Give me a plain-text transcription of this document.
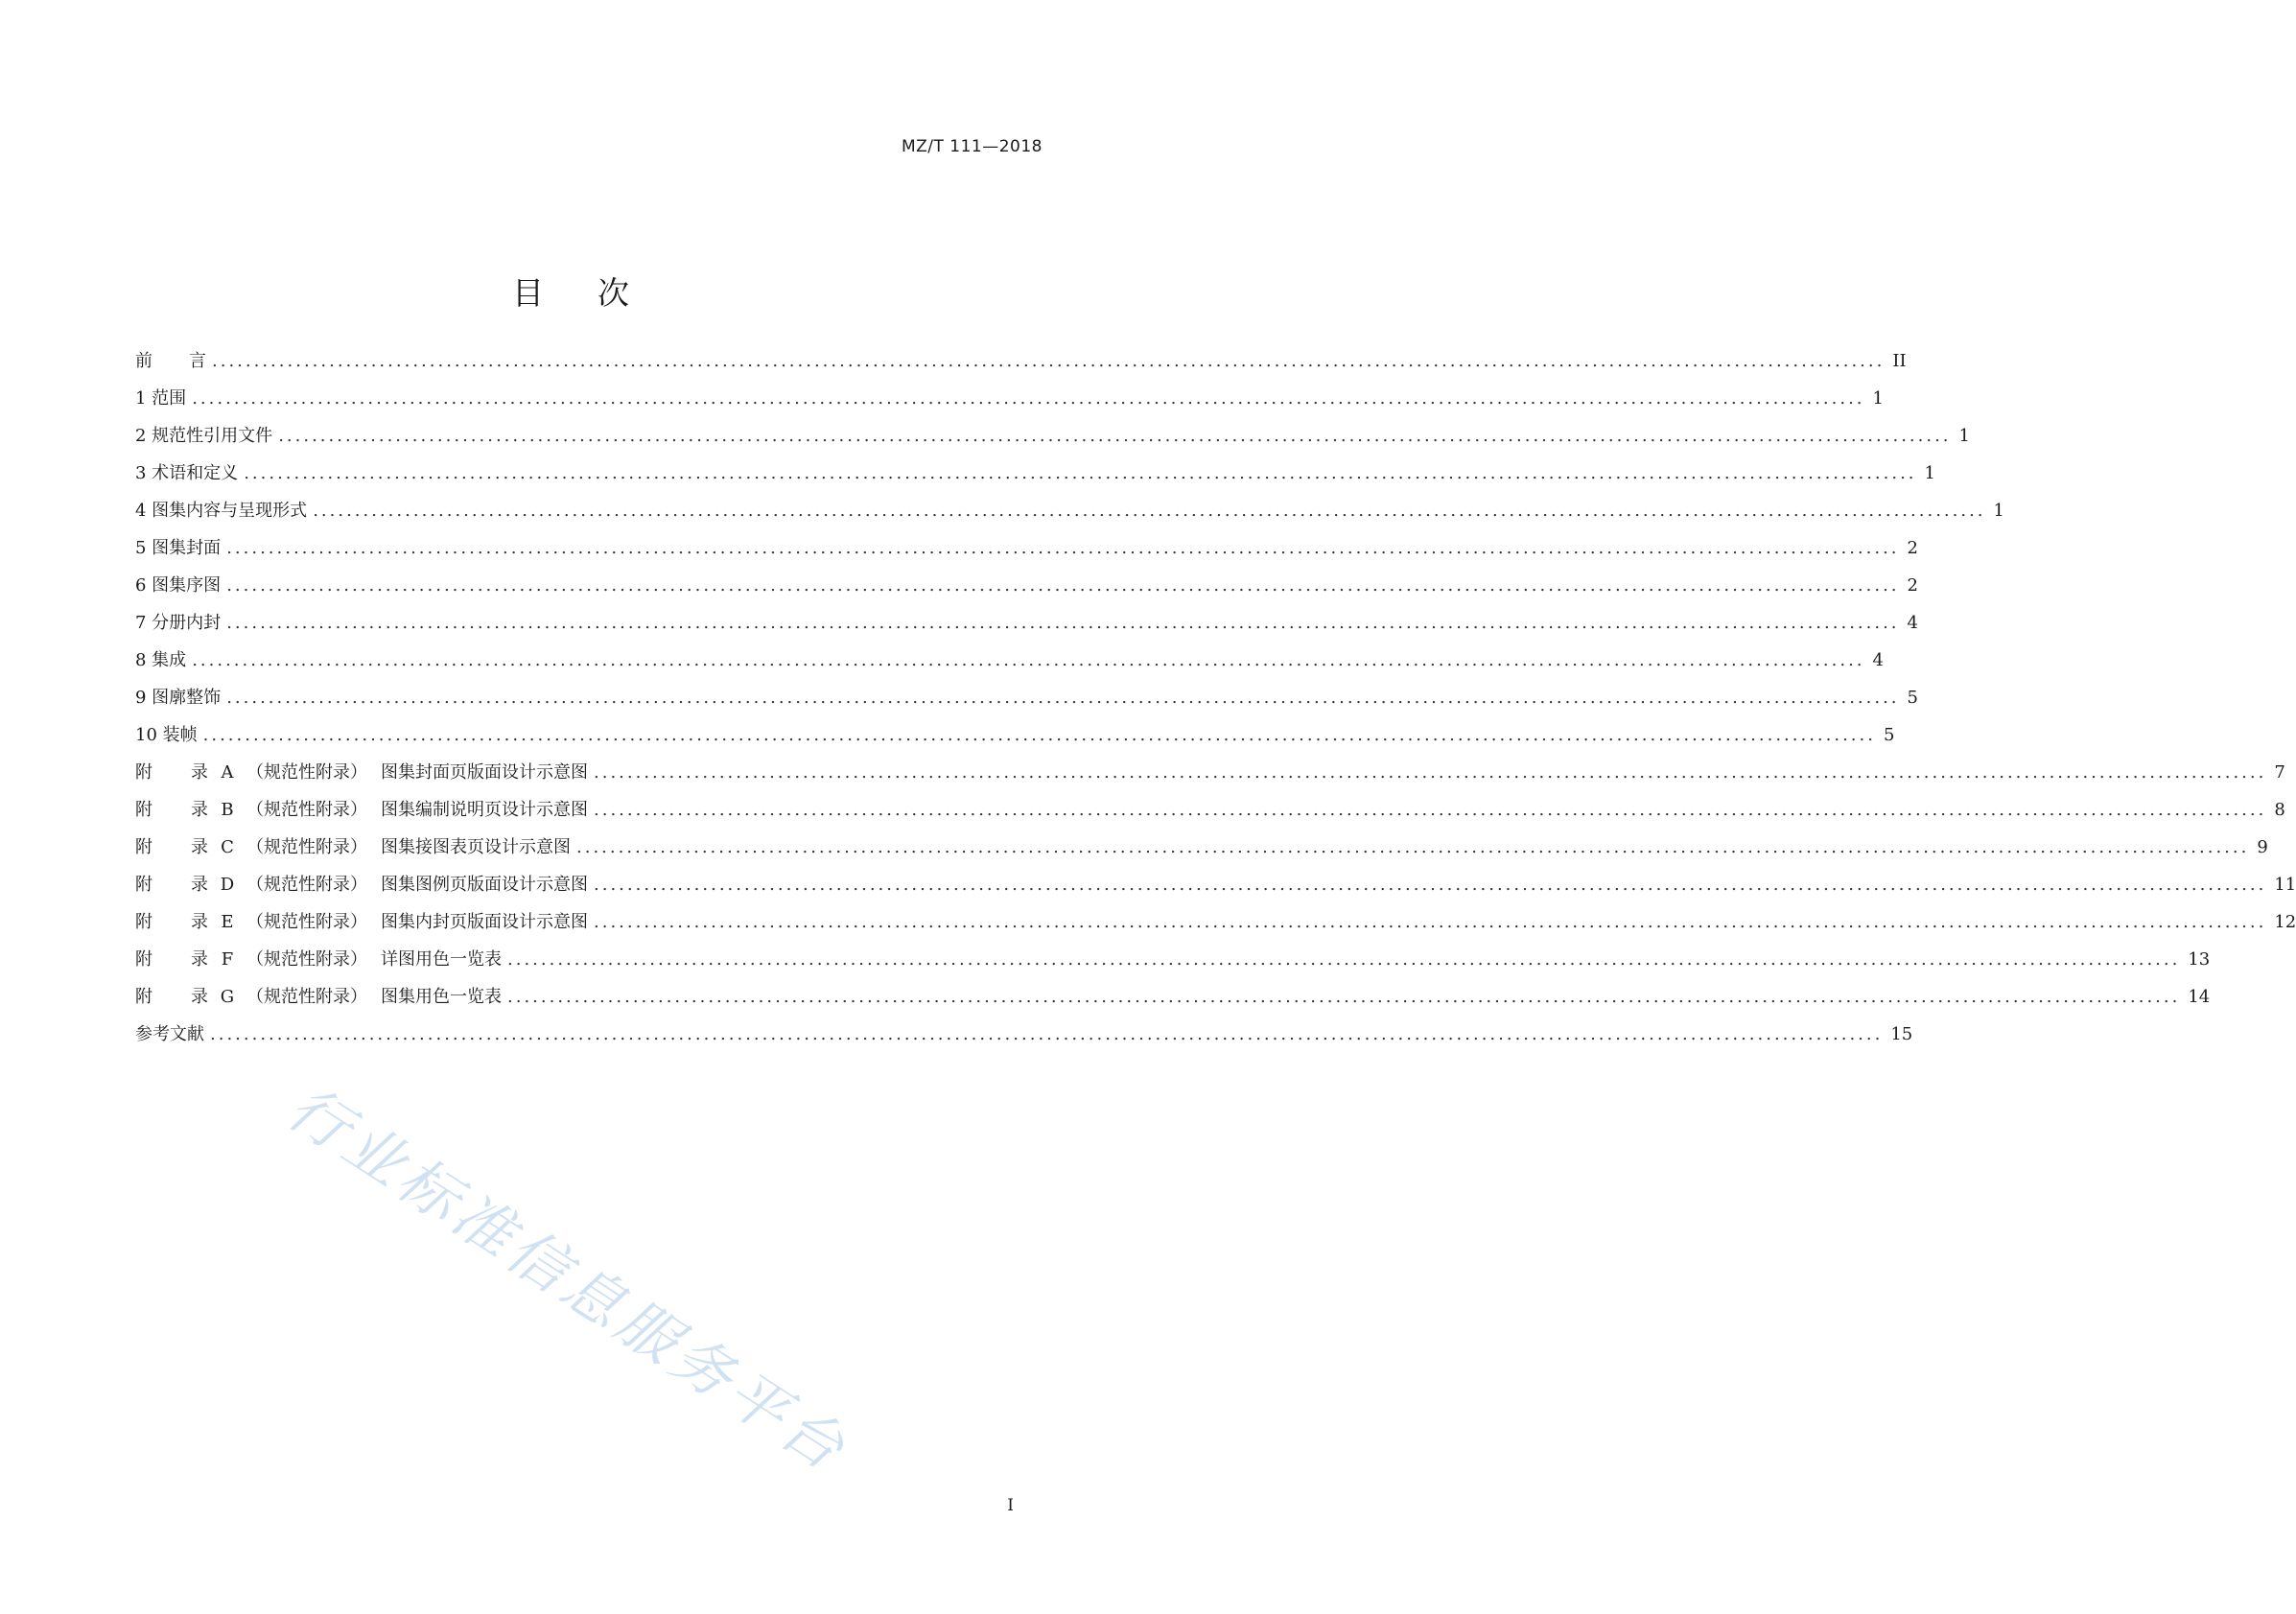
MZ/T 111—2018
目 次
前 言 ........................................................................................................................................................................................................ II
1 范围 ........................................................................................................................................................................................................ 1
2 规范性引用文件 ........................................................................................................................................................................................................ 1
3 术语和定义 ........................................................................................................................................................................................................ 1
4 图集内容与呈现形式 ........................................................................................................................................................................................................ 1
5 图集封面 ........................................................................................................................................................................................................ 2
6 图集序图 ........................................................................................................................................................................................................ 2
7 分册内封 ........................................................................................................................................................................................................ 4
8 集成 ........................................................................................................................................................................................................ 4
9 图廓整饰 ........................................................................................................................................................................................................ 5
10 装帧 ........................................................................................................................................................................................................ 5
附 录 A （规范性附录） 图集封面页版面设计示意图 ........................................................................................................................................................................................................ 7
附 录 B （规范性附录） 图集编制说明页设计示意图 ........................................................................................................................................................................................................ 8
附 录 C （规范性附录） 图集接图表页设计示意图 ........................................................................................................................................................................................................ 9
附 录 D （规范性附录） 图集图例页版面设计示意图 ........................................................................................................................................................................................................ 11
附 录 E （规范性附录） 图集内封页版面设计示意图 ........................................................................................................................................................................................................ 12
附 录 F （规范性附录） 详图用色一览表 ........................................................................................................................................................................................................ 13
附 录 G （规范性附录） 图集用色一览表 ........................................................................................................................................................................................................ 14
参考文献 ........................................................................................................................................................................................................ 15
行业标准信息服务平台
I
